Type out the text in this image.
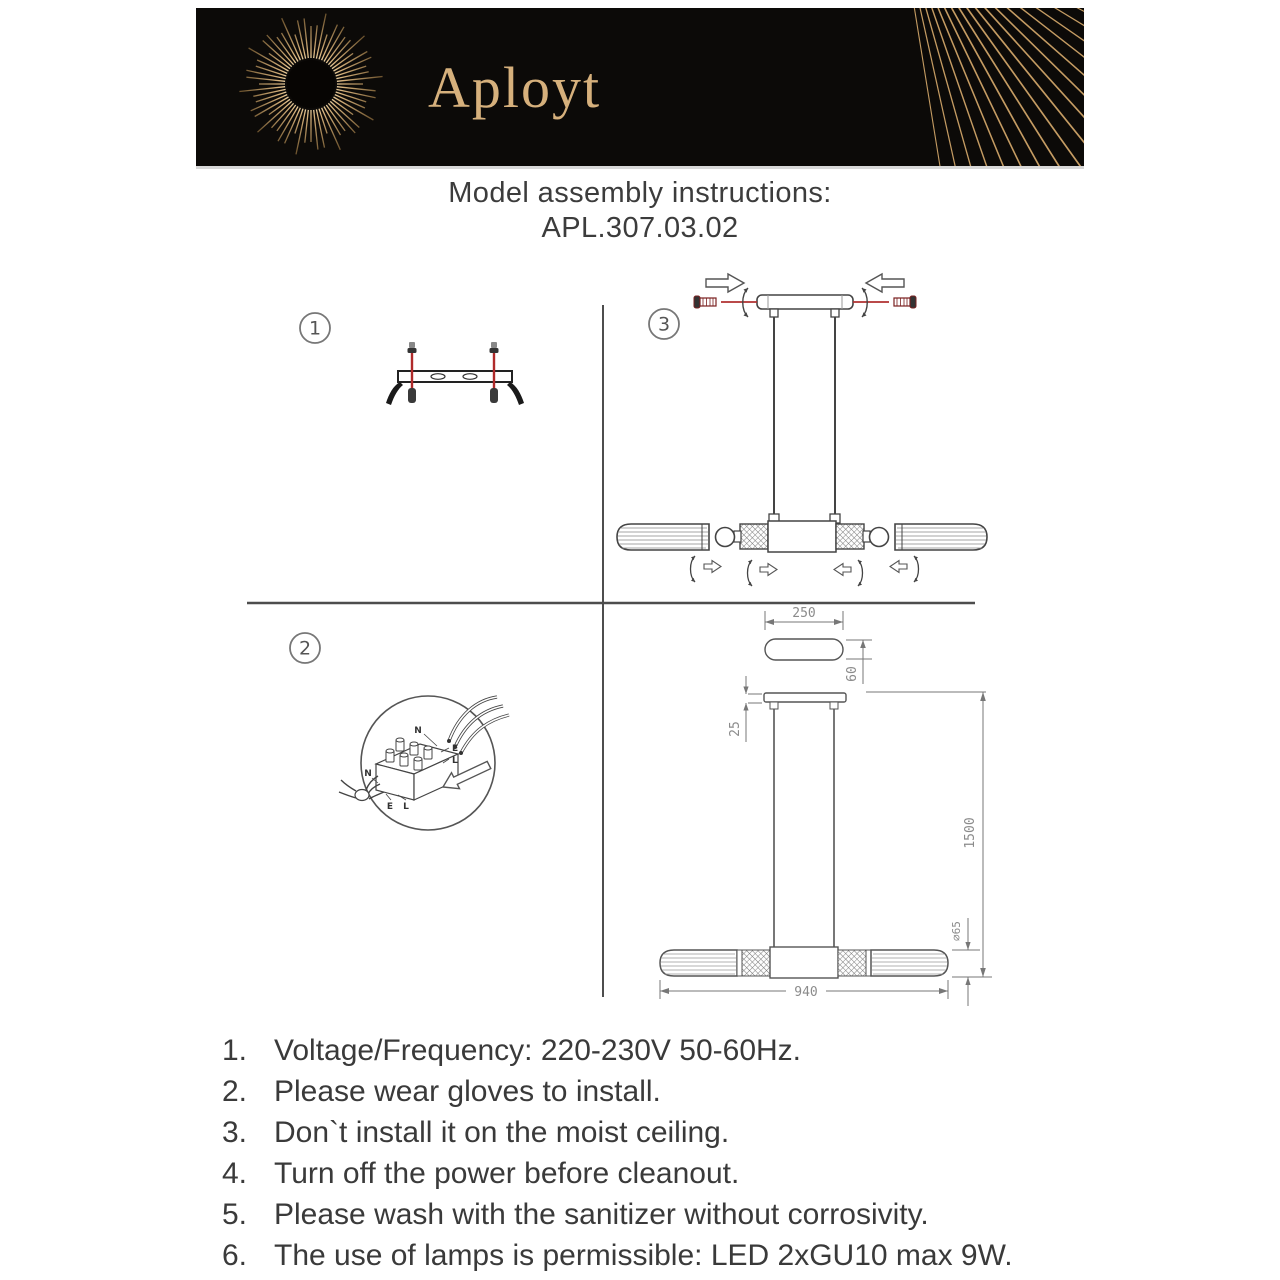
Aployt
Model assembly instructions:
APL.307.03.02
1	3
2
N
E
L
N
E L
250
60
25
1500
940
⌀65
1. Voltage/Frequency: 220-230V 50-60Hz.
2. Please wear gloves to install.
3. Don`t install it on the moist ceiling.
4. Turn off the power before cleanout.
5. Please wash with the sanitizer without corrosivity.
6. The use of lamps is permissible: LED 2xGU10 max 9W.
